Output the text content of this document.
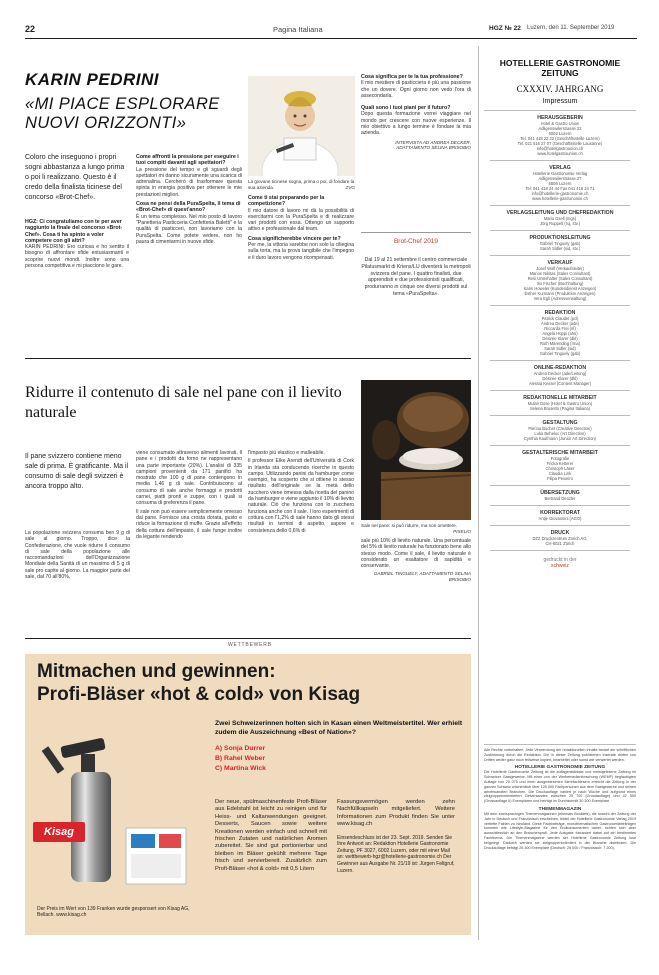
22	Pagina Italiana	HGZ № 22 Luzern, den 11. September 2019
KARIN PEDRINI
«MI PIACE ESPLORARE NUOVI ORIZZONTI»
Coloro che inseguono i propri sogni abbastanza a lungo prima o poi li realizzano. Questo è il credo della finalista ticinese del concorso «Brot-Chef».
HGZ: Ci congratuliamo con te per aver raggiunto la finale del concorso «Brot-Chef». Cosa ti ha spinto a voler competere con gli altri?
KARIN PEDRINI: Ero curiosa e ho sentito il bisogno di affrontare sfide entusiasmanti e scoprire nuovi mondi. Inoltre sono una persona competitiva e mi piacciono le gare.
Come affronti la pressione per eseguire i tuoi compiti davanti agli spettatori?
La pressione del tempo e gli sguardi degli spettatori mi danno sicuramente una scarica di adrenalina. Cercherò di trasformare questa spinta in energia positiva per ottenere le mie prestazioni migliori.
Cosa ne pensi della PuraSpelta, il tema di «Brot-Chef» di quest'anno?
È un tema complesso. Nel mio posto di lavoro "Panetteria Pasticceria Confetteria Baletti" e la qualità di pasticceri, non lavoriamo con la PuraSpelta. Come potete vedere, non ho paura di cimentarmi in nuove sfide.
La giovane ticinese sogna, prima o poi, di fondare la sua azienda.	ZVG
Come ti stai preparando per la competizione?
Il mio datore di lavoro mi dà la possibilità di esercitarmi con la PuraSpelta e di realizzare vari prodotti con essa. Ottengo un supporto attivo e professionale dal team.
Cosa significherebbe vincere per te?
Per me, la vittoria sarebbe non solo la ciliegina sulla torta, ma la prova tangibile che l'impegno e il duro lavoro vengono ricompensati.
Cosa significa per te la tua professione?
Il mio mestiere di pasticciera è più una passione che un dovere. Ogni giorno non vedo l'ora di assecondarla.
Quali sono i tuoi piani per il futuro?
Dopo questa formazione vorrei viaggiare nel mondo per crescere con nuove esperienze. Il mio obiettivo a lungo termine è fondare la mia azienda.
INTERVISTA AD ANDREA DECKER, ADATTAMENTO SELINA BRISOBIO
Brot-Chef 2019
Dal 19 al 21 settembre il centro commerciale Pilatusmarkt di Kriens/LU diventerà la metropoli svizzera del pane. I quattro finalisti, due apprendisti e due professionisti qualificati, produrranno in cinque ore diversi prodotti sul tema «PuraSpelta».
Ridurre il contenuto di sale nel pane con il lievito naturale
Il pane svizzero contiene meno sale di prima. È gratificante. Ma il consumo di sale degli svizzeri è ancora troppo alto.
La popolazione svizzera consuma ben 9 g di sale al giorno. Troppo, dice la Confederazione, che vuole ridurre il consumo di sale della popolazione alle raccomandazioni dell'Organizzazione Mondiale della Sanità di un massimo di 5 g di sale pro capite al giorno. La maggior parte del sale, dal 70 all'80%,
viene consumato attraverso alimenti lavorati. Il pane e i prodotti da forno ne rappresentano una parte importante (20%). L'analisi di 335 campioni provenienti da 171 panifici ha mostrato che 100 g di pane contengono in media 1,46 g di sale. Contribuiscono al consumo di sale anche formaggi e prodotti carnei, piatti pronti e zuppe, con i quali si consuma di preferenza il pane.
Il sale non può essere semplicemente omesso dal pane. Fornisce una crosta dorata, gusto e riduce la formazione di muffe. Grazie all'effetto della cottura dell'impasto, il sale funge inoltre da legante rendendo
l'impasto più elastico e malleabile.
Il professor Elke Arendt dell'Università di Cork in Irlanda sta conducendo ricerche in questo campo. Utilizzando panini da hamburger come esempio, ha scoperto che si ottiene lo stesso risultato dell'originale se la metà dello zucchero viene omessa dalla ricetta del panino da hamburger e viene aggiunto il 10% di lievito naturale. Ciò che funziona con lo zucchero funziona anche con il sale. I loro esperimenti di cottura con l'1,2% di sale hanno dato gli stessi risultati in termini di aspetto, sapore e consistenza dello 0,6% di
Sale nel pane: si può ridurre, ma non omettere.
PIXELIO
sale più 10% di lievito naturale. Una percentuale del 5% di lievito naturale ha funzionato bene allo stesso modo. Come il sale, il lievito naturale è considerato un esaltatore di sapidità e conservante.
GABRIEL TINGUELY, ADATTAMENTO SELINA BRISOBIO
WETTBEWERB
Mitmachen und gewinnen:
Profi-Bläser «hot & cold» von Kisag
Kisag
Der Preis im Wert von 139 Franken wurde gesponsert von Kisag AG, Bellach. www.kisag.ch
Zwei Schweizerinnen holten sich in Kasan einen Weltmeistertitel. Wer erhielt zudem die Auszeichnung «Best of Nation»?
A) Sonja Durrer
B) Rahel Weber
C) Martina Wick
Der neue, spülmaschinenfeste Profi-Bläser aus Edelstahl ist leicht zu reinigen und für Heiss- und Kaltanwendungen geeignet. Desserts, Saucen sowie weitere Kreationen werden einfach und schnell mit frischen Zutaten und natürlichen Aromen zubereitet. Sie sind gut portionierbar und bleiben im Bläser gekühlt mehrere Tage frisch und servierbereit. Zusätzlich zum Profi-Bläser «hot & cold» mit 0,5 Litern
Fassungsvermögen werden zehn Nachfüllkapseln mitgeliefert. Weitere Informationen zum Produkt finden Sie unter www.kisag.ch
Einsendeschluss ist der 23. Sept. 2019. Senden Sie Ihre Antwort an: Redaktion Hotellerie Gastronomie Zeitung, PF 3027, 6002 Luzern, oder mit einer Mail an: wettbewerb-hgz@hotellerie-gastronomie.ch Der Gewinner aus Ausgabe Nr. 21/19 ist: Jürgen Feltgruf, Luzern.
HOTELLERIE GASTRONOMIE ZEITUNG
CXXXIV. JAHRGANG
Impressum
HERAUSGEBERIN
Hotel & Gastro Union
Adligenswilerstrasse 22
6002 Luzern
Tel. 041 418 22 22 (Geschäftsstelle Luzern)
Tel. 021 616 27 07 (Geschäftsstelle Lausanne)
info@hotelgastrounion.ch
www.hotelgastrounion.ch
VERLAG
Hotellerie Gastronomie Verlag
Adligenswilerstrasse 27
6006 Luzern
Tel. 041 418 24 44 Fax 041 418 24 71
info@hotellerie-gastronomie.ch
www.hotellerie-gastronomie.ch
VERLAGSLEITUNG UND CHEFREDAKTION
Mario Gsell (mgs)
Jörg Ruppelt (ruj, stv.)
PRODUKTIONSLEITUNG
Gabriel Tinguely (gab)
Sarah Sidler (sid, stv.)
VERKAUF
Josef Wolf (Verkaufsleiter)
Marion Nikitas (Sales Consultant)
Reni Unterhalter (Sales Consultant)
Iris Fischer (Buchhaltung)
Karin Howeler (Kundendienst Anzeigen)
Esther Kurmann (Produktion Anzeigen)
Vera Egli (Adressverwaltung)
REDAKTION
Patrick Claudet (pcl)
Andrea Decker (ade)
Riccarda Frei (rif)
Angela Hüppi (ahü)
Désirée Klarer (dkl)
Ruth Marending (rma)
Sarah Sidler (sid)
Gabriel Tinguely (gab)
ONLINE-REDAKTION
Andrea Decker (ade/Leitung)
Désirée Klarer (dkl)
Alessia Kessel (Content Manager)
REDAKTIONELLE MITARBEIT
Mulan Dose (Hotel & Gastro Union)
Selena Brusetto (Pagina Italiana)
GESTALTUNG
Pierina Bucher (Creative Direction)
Luka Beheluc (Art Direction)
Cynthia Kaufmann (Junior Art Direction)
GESTALTERISCHE MITARBEIT
Fotografie
Fricka Ketterer
Christoph Läser
Claudia Link
Filipa Peixeiro
ÜBERSETZUNG
Bertrand Denzler
KORREKTORAT
Antje Giovannini (AGO)
DRUCK
DZZ Druckzentrum Zürich AG,
CH-8021 Zürich
gedruckt in der
schweiz
Alle Rechte vorbehalten. Jede Verwendung der redaktionellen Inhalte bedarf der schriftlichen Zustimmung durch die Redaktion. Die in dieser Zeitung publizierten Inserate dürfen von Dritten weder ganz noch teilweise kopiert, bearbeitet oder sonst wie verwertet werden.
HOTELLERIE GASTRONOMIE ZEITUNG
Die Hotellerie Gastronomie Zeitung ist die auflagenstärkste und meistgelesene Zeitung im Schweizer Gastgewerbe. Mit einer von der Werbemedienforschung (WEMF) beglaubigten Auflage von 20 075 und ihren ausgewiesenen Mehrfachlesern erreicht die Zeitung in der ganzen Schweiz wöchentlich über 125 000 Fachpersonen aus dem Gastgewerbe und seinen artverwandten Branchen. Die Druckauflage variiert je nach Woche und aufgrund eines zielgruppenorientierten Zielversandes zwischen 25 700 (Grundauflage) und 42 500 (Grossauflage II) Exemplaren und beträgt im Durchschnitt 30 300 Exemplare.
THEMENMAGAZIN
Mit dem zweisprachigen Themenmagazinen (ehemals Booklets), die sowohl der Zeitung der Jahr in Deutsch und Französisch erscheinen, bietet der Hotellerie Gastronomie Verlag 2019 vertiefte Fakten zu Neuland. Diese Fachbeiträge, monothematischen Gastronomiebeiträgen kommen wie Lifestyle-Magazine für den Endkonsumenten daher, richten sich aber ausschliesslich an den Branchenprofi. Jede Ausgabe fokussiert dabei auf ein bestimmtes Fachthema. Die Themenmagazine werden der Hotellerie Gastronomie Zeitung lose beigelegt. Dadurch werden sie zielgruppenorientiert in der Branche distribuiert. Die Druckauflage beträgt 25 300 Exemplare (Deutsch: 26 000 / Französisch: 7 200).
